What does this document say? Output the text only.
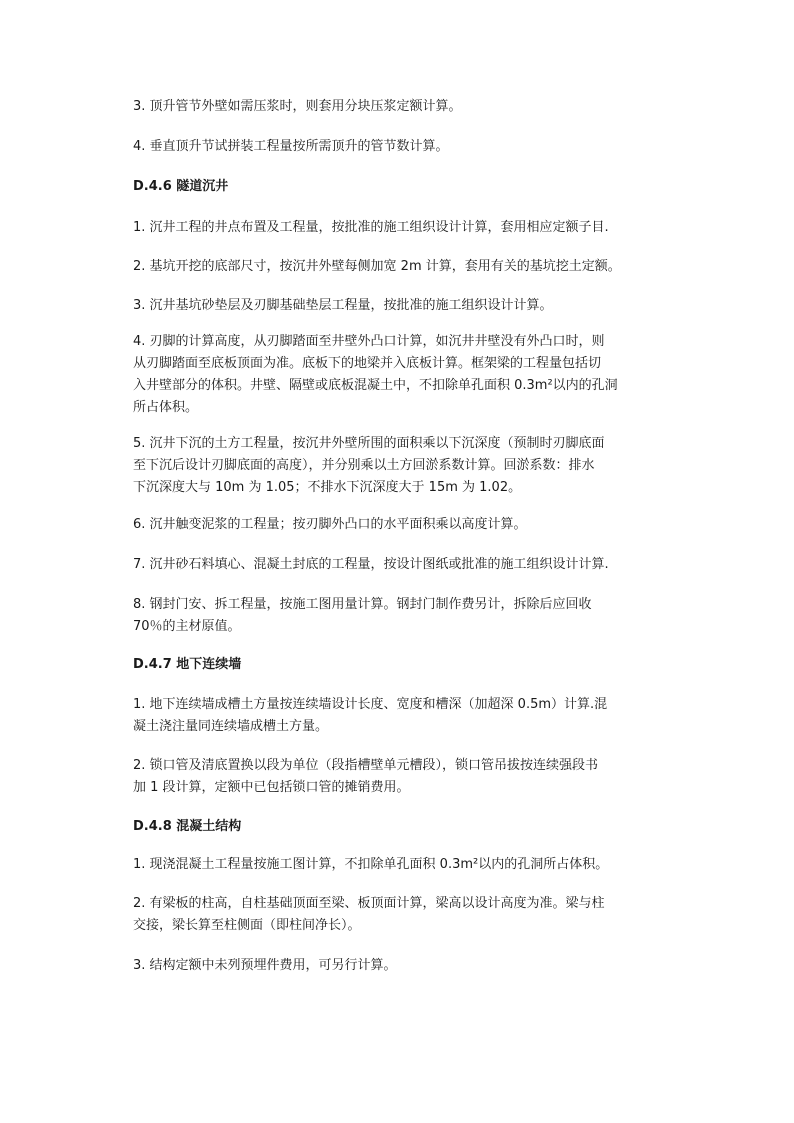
3. 顶升管节外壁如需压浆时，则套用分块压浆定额计算。

4. 垂直顶升节试拼装工程量按所需顶升的管节数计算。

D.4.6 隧道沉井

1. 沉井工程的井点布置及工程量，按批准的施工组织设计计算，套用相应定额子目.

2. 基坑开挖的底部尺寸，按沉井外壁每侧加宽 2m 计算，套用有关的基坑挖土定额。

3. 沉井基坑砂垫层及刃脚基础垫层工程量，按批准的施工组织设计计算。

4. 刃脚的计算高度，从刃脚踏面至井壁外凸口计算，如沉井井壁没有外凸口时，则
从刃脚踏面至底板顶面为准。底板下的地梁并入底板计算。框架梁的工程量包括切
入井壁部分的体积。井壁、隔壁或底板混凝土中，不扣除单孔面积 0.3m²以内的孔洞
所占体积。

5. 沉井下沉的土方工程量，按沉井外壁所围的面积乘以下沉深度（预制时刃脚底面
至下沉后设计刃脚底面的高度），并分别乘以土方回淤系数计算。回淤系数：排水
下沉深度大与 10m 为 1.05；不排水下沉深度大于 15m 为 1.02。

6. 沉井触变泥浆的工程量；按刃脚外凸口的水平面积乘以高度计算。

7. 沉井砂石料填心、混凝土封底的工程量，按设计图纸或批准的施工组织设计计算.

8. 钢封门安、拆工程量，按施工图用量计算。钢封门制作费另计，拆除后应回收
70％的主材原值。

D.4.7 地下连续墙

1. 地下连续墙成槽土方量按连续墙设计长度、宽度和槽深（加超深 0.5m）计算.混
凝土浇注量同连续墙成槽土方量。

2. 锁口管及清底置换以段为单位（段指槽壁单元槽段），锁口管吊拔按连续强段书
加 1 段计算，定额中已包括锁口管的摊销费用。

D.4.8 混凝土结构

1. 现浇混凝土工程量按施工图计算，不扣除单孔面积 0.3m²以内的孔洞所占体积。

2. 有梁板的柱高，自柱基础顶面至梁、板顶面计算，梁高以设计高度为准。梁与柱
交接，梁长算至柱侧面（即柱间净长）。

3. 结构定额中未列预埋件费用，可另行计算。
